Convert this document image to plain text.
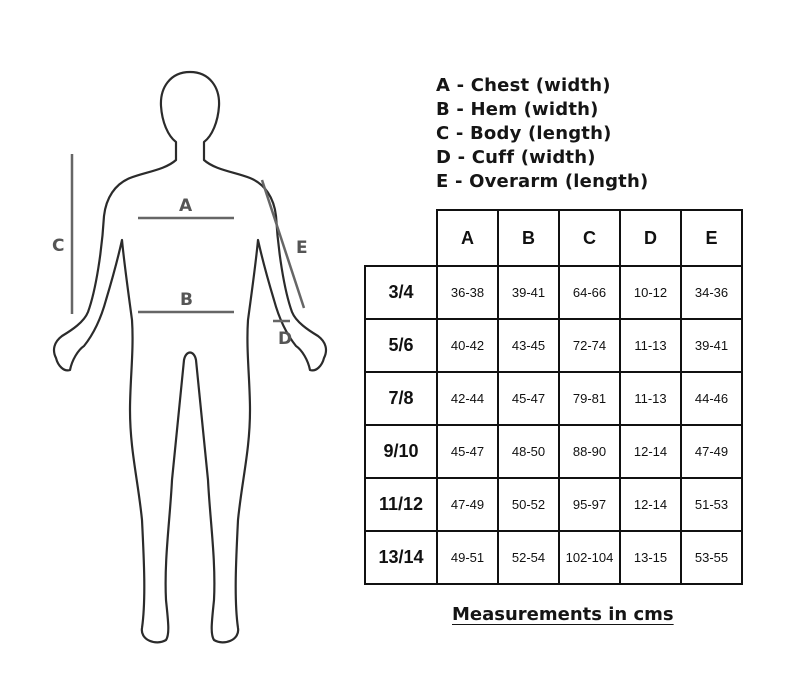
A
B
C
D
E
A - Chest (width)
B - Hem (width)
C - Body (length)
D - Cuff (width)
E - Overarm (length)
	A	B	C	D	E
3/4	36-38	39-41	64-66	10-12	34-36
5/6	40-42	43-45	72-74	11-13	39-41
7/8	42-44	45-47	79-81	11-13	44-46
9/10	45-47	48-50	88-90	12-14	47-49
11/12	47-49	50-52	95-97	12-14	51-53
13/14	49-51	52-54	102-104	13-15	53-55
Measurements in cms
